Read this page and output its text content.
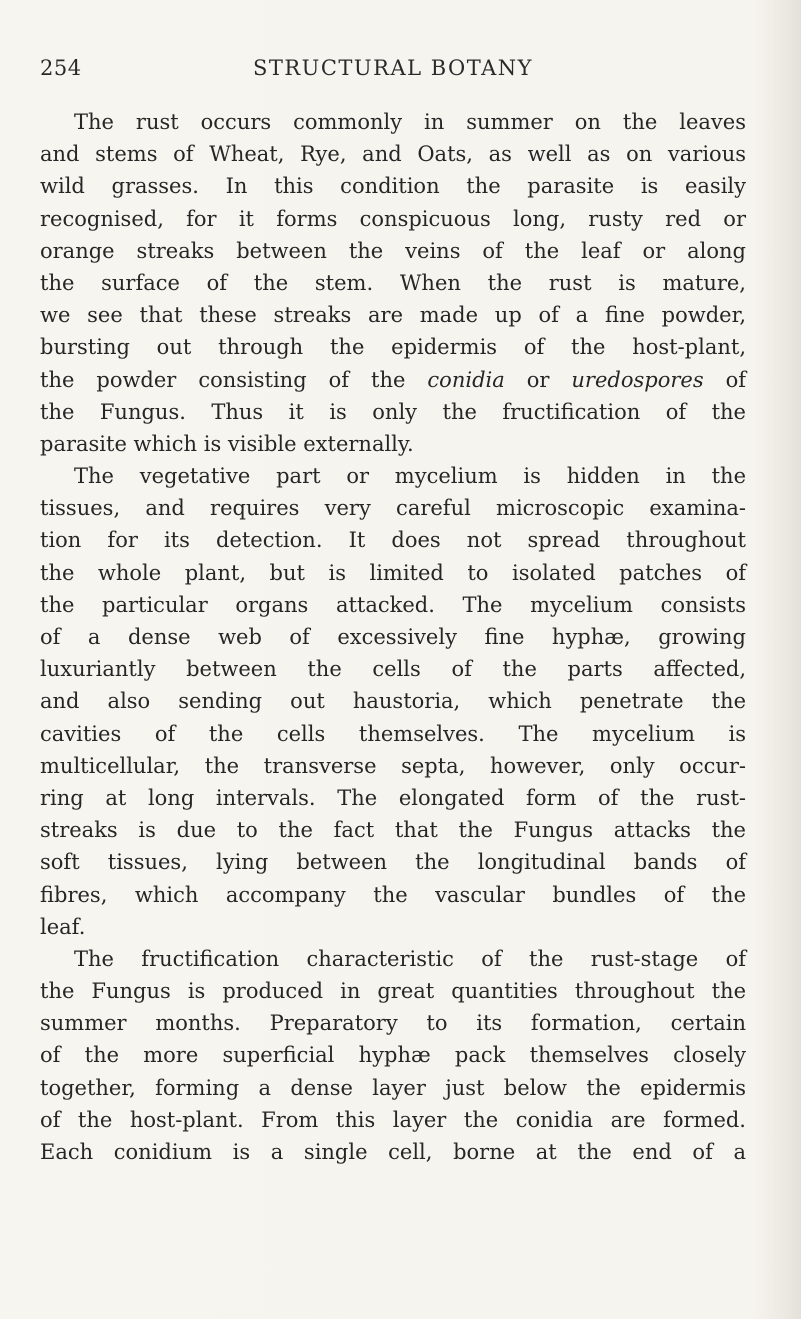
254	STRUCTURAL BOTANY
The rust occurs commonly in summer on the leaves
and stems of Wheat, Rye, and Oats, as well as on various
wild grasses. In this condition the parasite is easily
recognised, for it forms conspicuous long, rusty red or
orange streaks between the veins of the leaf or along
the surface of the stem. When the rust is mature,
we see that these streaks are made up of a fine powder,
bursting out through the epidermis of the host-plant,
the powder consisting of the conidia or uredospores of
the Fungus. Thus it is only the fructification of the
parasite which is visible externally.
The vegetative part or mycelium is hidden in the
tissues, and requires very careful microscopic examina-
tion for its detection. It does not spread throughout
the whole plant, but is limited to isolated patches of
the particular organs attacked. The mycelium consists
of a dense web of excessively fine hyphæ, growing
luxuriantly between the cells of the parts affected,
and also sending out haustoria, which penetrate the
cavities of the cells themselves. The mycelium is
multicellular, the transverse septa, however, only occur-
ring at long intervals. The elongated form of the rust-
streaks is due to the fact that the Fungus attacks the
soft tissues, lying between the longitudinal bands of
fibres, which accompany the vascular bundles of the
leaf.
The fructification characteristic of the rust-stage of
the Fungus is produced in great quantities throughout the
summer months. Preparatory to its formation, certain
of the more superficial hyphæ pack themselves closely
together, forming a dense layer just below the epidermis
of the host-plant. From this layer the conidia are formed.
Each conidium is a single cell, borne at the end of a
